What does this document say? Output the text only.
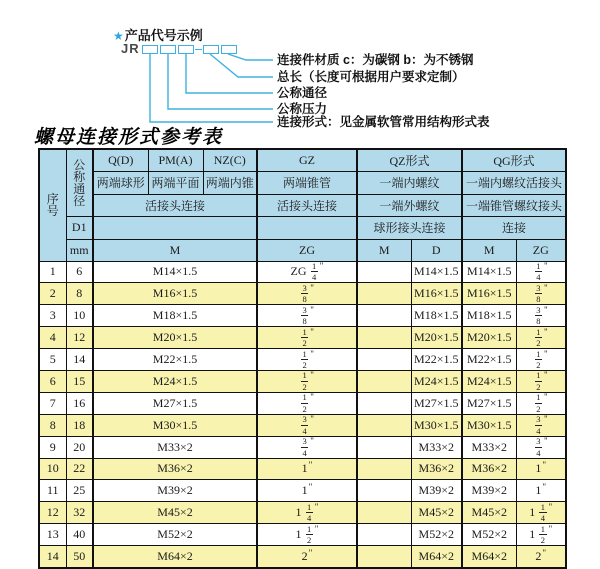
★产品代号示例
JR
连接件材质 c：为碳钢 b：为不锈钢
总长（长度可根据用户要求定制）
公称通径
公称压力
连接形式：见金属软管常用结构形式表
螺母连接形式参考表
序
号	公
称
通
径	Q(D)	PM(A)	NZ(C)	GZ	QZ形式		QG形式	
		两端球形	两端平面	两端内锥	两端锥管	一端内螺纹		一端内螺纹活接头	
		活接头连接			活接头连接	一端外螺纹		一端锥管螺纹接头	
	D1					球形接头连接		连接	
	mm	M			ZG	M	D	M	ZG
1	6	M14×1.5			ZG $\frac{1}{4} ^"$		M14×1.5	M14×1.5	$\frac{1}{4} ^"$
2	8	M16×1.5			$\frac{3}{8} ^"$		M16×1.5	M16×1.5	$\frac{3}{8} ^"$
3	10	M18×1.5			$\frac{3}{8} ^"$		M18×1.5	M18×1.5	$\frac{3}{8} ^"$
4	12	M20×1.5			$\frac{1}{2} ^"$		M20×1.5	M20×1.5	$\frac{1}{2} ^"$
5	14	M22×1.5			$\frac{1}{2} ^"$		M22×1.5	M22×1.5	$\frac{1}{2} ^"$
6	15	M24×1.5			$\frac{1}{2} ^"$		M24×1.5	M24×1.5	$\frac{1}{2} ^"$
7	16	M27×1.5			$\frac{1}{2} ^"$		M27×1.5	M27×1.5	$\frac{1}{2} ^"$
8	18	M30×1.5			$\frac{3}{4} ^"$		M30×1.5	M30×1.5	$\frac{3}{4} ^"$
9	20	M33×2			$\frac{3}{4} ^"$		M33×2	M33×2	$\frac{3}{4} ^"$
10	22	M36×2			1"		M36×2	M36×2	1"
11	25	M39×2			1"		M39×2	M39×2	1"
12	32	M45×2			$1 \frac{1}{4} ^"$		M45×2	M45×2	$1 \frac{1}{4} ^"$
13	40	M52×2			$1 \frac{1}{2} ^"$		M52×2	M52×2	$1 \frac{1}{2} ^"$
14	50	M64×2			2"		M64×2	M64×2	2"
